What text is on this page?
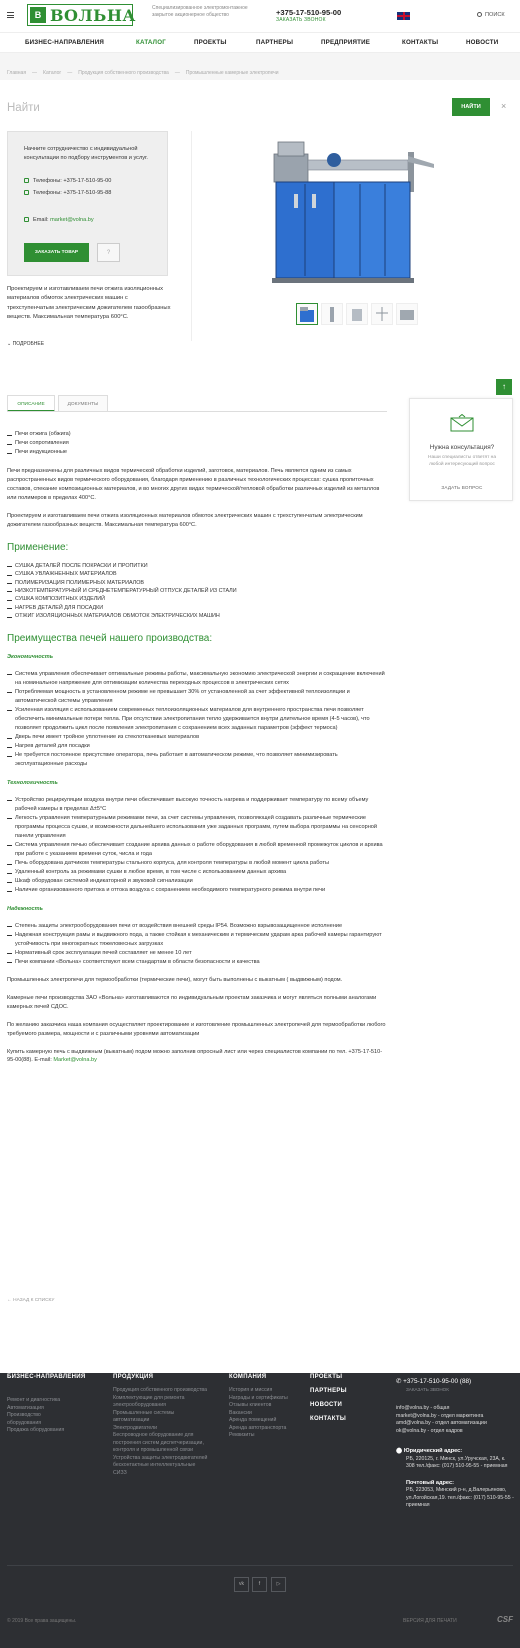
В ВОЛЬНА	Специализированное электромонтажное закрытое акционерное общество	+375-17-510-95-00
ЗАКАЗАТЬ ЗВОНОК
ПОИСК
БИЗНЕС-НАПРАВЛЕНИЯ	КАТАЛОГ	ПРОЕКТЫ	ПАРТНЕРЫ	ПРЕДПРИЯТИЕ	КОНТАКТЫ	НОВОСТИ
Главная — Каталог — Продукция собственного производства — Промышленные камерные электропечи
Найти	НАЙТИ	×

Начните сотрудничество с индивидуальной консультации по подбору инструментов и услуг.

Телефоны: +375-17-510-95-00
Телефоны: +375-17-510-95-88
Email: market@volna.by
ЗАКАЗАТЬ ТОВАР	?
Проектируем и изготавливаем печи отжига изоляционных материалов обмоток электрических машин с трехступенчатым электрическим дожигателем газообразных веществ. Максимальная температура 600°С.
⌄ ПОДРОБНЕЕ
↑
ОПИСАНИЕ	ДОКУМЕНТЫ
Нужна консультация?
Наши специалисты ответят на любой интересующий вопрос
ЗАДАТЬ ВОПРОС
Печи отжига (обжига)
Печи сопротивления
Печи индукционные

Печи предназначены для различных видов термической обработки изделий, заготовок, материалов. Печь является одним из самых распространенных видов термического оборудования, благодаря применению в различных технологических процессах: сушка пропиточных составов, спекание композиционных материалов, и во многих других видах термической/тепловой обработки различных изделий из металлов или полимеров в пределах 400°С.

Проектируем и изготавливаем печи отжига изоляционных материалов обмоток электрических машин с трехступенчатым электрическим дожигателем газообразных веществ. Максимальная температура 600°С.

Применение:
СУШКА ДЕТАЛЕЙ ПОСЛЕ ПОКРАСКИ И ПРОПИТКИ
СУШКА УВЛАЖНЕННЫХ МАТЕРИАЛОВ
ПОЛИМЕРИЗАЦИЯ ПОЛИМЕРНЫХ МАТЕРИАЛОВ
НИЗКОТЕМПЕРАТУРНЫЙ И СРЕДНЕТЕМПЕРАТУРНЫЙ ОТПУСК ДЕТАЛЕЙ ИЗ СТАЛИ
СУШКА КОМПОЗИТНЫХ ИЗДЕЛИЙ
НАГРЕВ ДЕТАЛЕЙ ДЛЯ ПОСАДКИ
ОТЖИГ ИЗОЛЯЦИОННЫХ МАТЕРИАЛОВ ОБМОТОК ЭЛЕКТРИЧЕСКИХ МАШИН
Преимущества печей нашего производства:
Экономичность
Система управления обеспечивает оптимальные режимы работы, максимальную экономию электрической энергии и сокращение включений на номинальное напряжение для оптимизации количества переходных процессов в электрических сетях
Потребляемая мощность в установленном режиме не превышает 30% от установленной за счет эффективной теплоизоляции и автоматической системы управления
Усиленная изоляция с использованием современных теплоизоляционных материалов для внутреннего пространства печи позволяет обеспечить минимальные потери тепла. При отсутствии электропитания тепло удерживается внутри длительное время (4-5 часов), что позволяет продолжить цикл после появления электропитания с сохранением всех заданных параметров (эффект термоса)
Дверь печи имеет тройное уплотнение из стеклотканевых материалов
Нагрев деталей для посадки
Не требуется постоянное присутствие оператора, печь работает в автоматическом режиме, что позволяет минимизировать эксплуатационные расходы
Технологичность
Устройство рециркуляции воздуха внутри печи обеспечивает высокую точность нагрева и поддерживает температуру по всему объему рабочей камеры в пределах Δ±5°С
Легкость управления температурными режимами печи, за счет системы управления, позволяющей создавать различные термические программы процесса сушки, и возможности дальнейшего использования уже заданных программ, путем выбора программы на сенсорной панели управления
Система управления печью обеспечивает создание архива данных о работе оборудования в любой временной промежуток циклов и архива при работе с указанием времени суток, числа и года
Печь оборудована датчиком температуры стального корпуса, для контроля температуры в любой момент цикла работы
Удаленный контроль за режимами сушки в любое время, в том числе с использованием данных архива
Шкаф оборудован системой индикаторной и звуковой сигнализации
Наличие организованного притока и оттока воздуха с сохранением необходимого температурного режима внутри печи
Надежность
Степень защиты электрооборудования печи от воздействия внешней среды IP54. Возможно взрывозащищенное исполнение
Надежная конструкция рамы и выдвижного пода, а также стойкая к механическим и термическим ударам арка рабочей камеры гарантируют устойчивость при многократных тяжеловесных загрузках
Нормативный срок эксплуатации печей составляет не менее 10 лет
Печи компании «Вольна» соответствуют всем стандартам в области безопасности и качества

Промышленных электропечи для термообработки (термические печи), могут быть выполнены с выкатным ( выдвижным) подом.

Камерные печи производства ЗАО «Вольна» изготавливаются по индивидуальным проектам заказчика и могут являться полными аналогами камерных печей СДОС.

По желанию заказчика наша компания осуществляет проектирование и изготовление промышленных электропечей для термообработки любого требуемого размера, мощности и с различными уровнями автоматизации

Купить камерную печь с выдвижным (выкатным) подом можно заполнив опросный лист или через специалистов компании по тел. +375-17-510-95-00(88). E-mail: Market@volna.by

← НАЗАД К СПИСКУ
БИЗНЕС-НАПРАВЛЕНИЯ
Ремонт и диагностика
Автоматизация
Производство оборудования
Продажа оборудования
ПРОДУКЦИЯ
Продукция собственного производства
Комплектующие для ремонта электрооборудования
Промышленные системы автоматизации
Электродвигатели
Беспроводное оборудование для построения систем диспетчеризации, контроля и промышленной связи
Устройства защиты электродвигателей бесконтактные интеллектуальные СИЗЗ
КОМПАНИЯ
История и миссия
Награды и сертификаты
Отзывы клиентов
Вакансии
Аренда помещений
Аренда автотранспорта
Реквизиты
ПРОЕКТЫ
ПАРТНЕРЫ
НОВОСТИ
КОНТАКТЫ
✆ +375-17-510-95-00 (88)
ЗАКАЗАТЬ ЗВОНОК
info@volna.by - общая
market@volna.by - отдел маркетинга
amd@volna.by - отдел автоматизации
ok@volna.by - отдел кадров
⬤ Юридический адрес:
РБ, 220125, г. Минск, ул.Уручская, 23А, к. 308 тел./факс: (017) 510-95-55 - приемная
Почтовый адрес:
РБ, 223053, Минский р-н, д.Валерьяново, ул.Логойская,19. тел./факс: (017) 510-95-55 - приемная
vk	f	▷
© 2019 Все права защищены.	ВЕРСИЯ ДЛЯ ПЕЧАТИ	CSF
